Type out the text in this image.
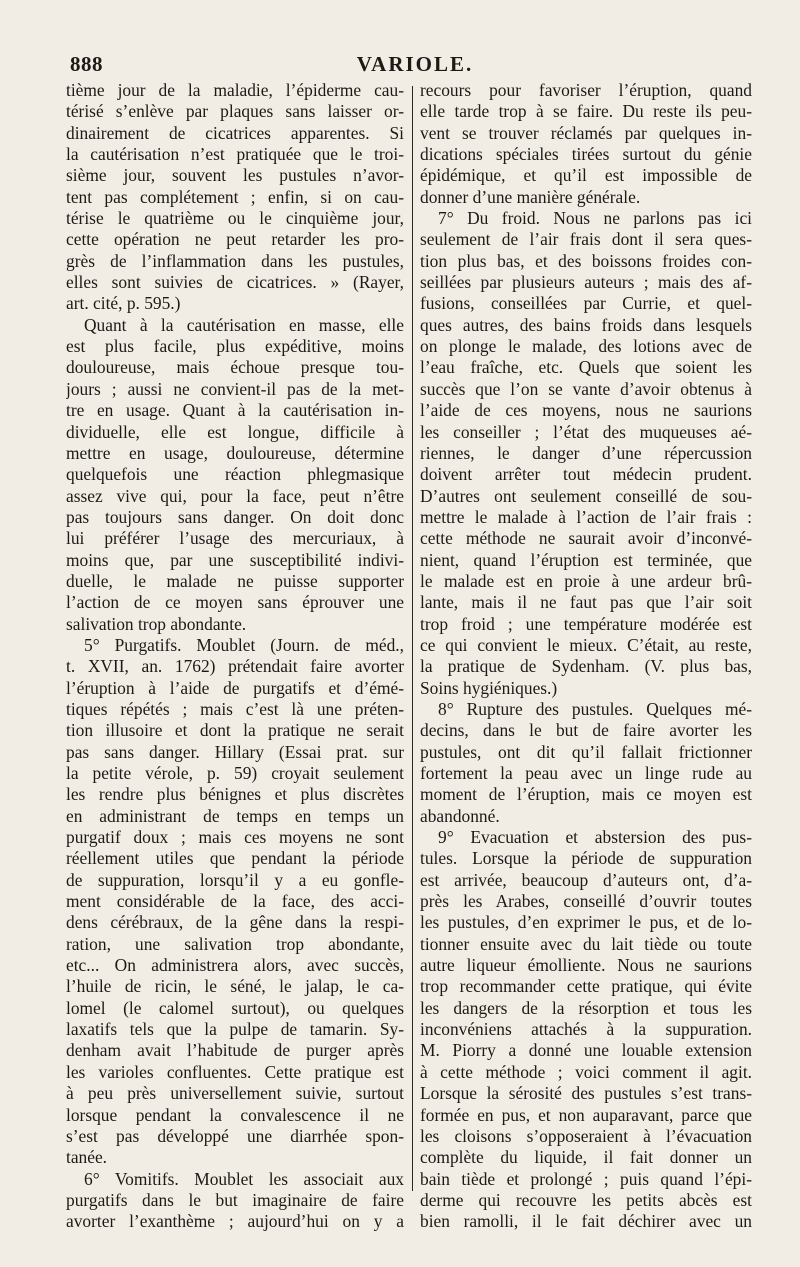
888	VARIOLE.
tième jour de la maladie, l’épiderme cau-
térisé s’enlève par plaques sans laisser or-
dinairement de cicatrices apparentes. Si
la cautérisation n’est pratiquée que le troi-
sième jour, souvent les pustules n’avor-
tent pas complétement ; enfin, si on cau-
térise le quatrième ou le cinquième jour,
cette opération ne peut retarder les pro-
grès de l’inflammation dans les pustules,
elles sont suivies de cicatrices. » (Rayer,
art. cité, p. 595.)
Quant à la cautérisation en masse, elle
est plus facile, plus expéditive, moins
douloureuse, mais échoue presque tou-
jours ; aussi ne convient-il pas de la met-
tre en usage. Quant à la cautérisation in-
dividuelle, elle est longue, difficile à
mettre en usage, douloureuse, détermine
quelquefois une réaction phlegmasique
assez vive qui, pour la face, peut n’être
pas toujours sans danger. On doit donc
lui préférer l’usage des mercuriaux, à
moins que, par une susceptibilité indivi-
duelle, le malade ne puisse supporter
l’action de ce moyen sans éprouver une
salivation trop abondante.
5° Purgatifs. Moublet (Journ. de méd.,
t. XVII, an. 1762) prétendait faire avorter
l’éruption à l’aide de purgatifs et d’émé-
tiques répétés ; mais c’est là une préten-
tion illusoire et dont la pratique ne serait
pas sans danger. Hillary (Essai prat. sur
la petite vérole, p. 59) croyait seulement
les rendre plus bénignes et plus discrètes
en administrant de temps en temps un
purgatif doux ; mais ces moyens ne sont
réellement utiles que pendant la période
de suppuration, lorsqu’il y a eu gonfle-
ment considérable de la face, des acci-
dens cérébraux, de la gêne dans la respi-
ration, une salivation trop abondante,
etc... On administrera alors, avec succès,
l’huile de ricin, le séné, le jalap, le ca-
lomel (le calomel surtout), ou quelques
laxatifs tels que la pulpe de tamarin. Sy-
denham avait l’habitude de purger après
les varioles confluentes. Cette pratique est
à peu près universellement suivie, surtout
lorsque pendant la convalescence il ne
s’est pas développé une diarrhée spon-
tanée.
6° Vomitifs. Moublet les associait aux
purgatifs dans le but imaginaire de faire
avorter l’exanthème ; aujourd’hui on y a
recours pour favoriser l’éruption, quand
elle tarde trop à se faire. Du reste ils peu-
vent se trouver réclamés par quelques in-
dications spéciales tirées surtout du génie
épidémique, et qu’il est impossible de
donner d’une manière générale.
7° Du froid. Nous ne parlons pas ici
seulement de l’air frais dont il sera ques-
tion plus bas, et des boissons froides con-
seillées par plusieurs auteurs ; mais des af-
fusions, conseillées par Currie, et quel-
ques autres, des bains froids dans lesquels
on plonge le malade, des lotions avec de
l’eau fraîche, etc. Quels que soient les
succès que l’on se vante d’avoir obtenus à
l’aide de ces moyens, nous ne saurions
les conseiller ; l’état des muqueuses aé-
riennes, le danger d’une répercussion
doivent arrêter tout médecin prudent.
D’autres ont seulement conseillé de sou-
mettre le malade à l’action de l’air frais :
cette méthode ne saurait avoir d’inconvé-
nient, quand l’éruption est terminée, que
le malade est en proie à une ardeur brû-
lante, mais il ne faut pas que l’air soit
trop froid ; une température modérée est
ce qui convient le mieux. C’était, au reste,
la pratique de Sydenham. (V. plus bas,
Soins hygiéniques.)
8° Rupture des pustules. Quelques mé-
decins, dans le but de faire avorter les
pustules, ont dit qu’il fallait frictionner
fortement la peau avec un linge rude au
moment de l’éruption, mais ce moyen est
abandonné.
9° Evacuation et abstersion des pus-
tules. Lorsque la période de suppuration
est arrivée, beaucoup d’auteurs ont, d’a-
près les Arabes, conseillé d’ouvrir toutes
les pustules, d’en exprimer le pus, et de lo-
tionner ensuite avec du lait tiède ou toute
autre liqueur émolliente. Nous ne saurions
trop recommander cette pratique, qui évite
les dangers de la résorption et tous les
inconvéniens attachés à la suppuration.
M. Piorry a donné une louable extension
à cette méthode ; voici comment il agit.
Lorsque la sérosité des pustules s’est trans-
formée en pus, et non auparavant, parce que
les cloisons s’opposeraient à l’évacuation
complète du liquide, il fait donner un
bain tiède et prolongé ; puis quand l’épi-
derme qui recouvre les petits abcès est
bien ramolli, il le fait déchirer avec un
